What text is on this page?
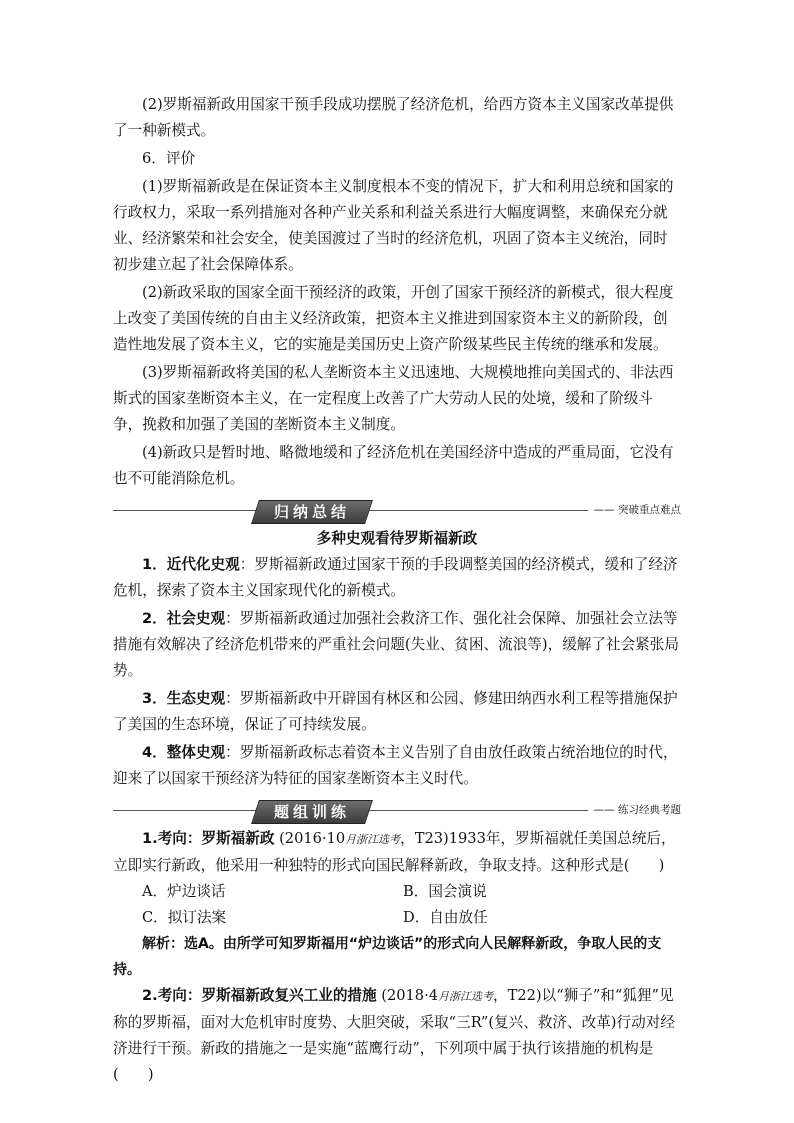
(2)罗斯福新政用国家干预手段成功摆脱了经济危机，给西方资本主义国家改革提供了一种新模式。

6．评价

(1)罗斯福新政是在保证资本主义制度根本不变的情况下，扩大和利用总统和国家的行政权力，采取一系列措施对各种产业关系和利益关系进行大幅度调整，来确保充分就业、经济繁荣和社会安全，使美国渡过了当时的经济危机，巩固了资本主义统治，同时初步建立起了社会保障体系。

(2)新政采取的国家全面干预经济的政策，开创了国家干预经济的新模式，很大程度上改变了美国传统的自由主义经济政策，把资本主义推进到国家资本主义的新阶段，创造性地发展了资本主义，它的实施是美国历史上资产阶级某些民主传统的继承和发展。

(3)罗斯福新政将美国的私人垄断资本主义迅速地、大规模地推向美国式的、非法西斯式的国家垄断资本主义，在一定程度上改善了广大劳动人民的处境，缓和了阶级斗争，挽救和加强了美国的垄断资本主义制度。

(4)新政只是暂时地、略微地缓和了经济危机在美国经济中造成的严重局面，它没有也不可能消除危机。

归纳总结	—— 突破重点难点

多种史观看待罗斯福新政

1．近代化史观：罗斯福新政通过国家干预的手段调整美国的经济模式，缓和了经济危机，探索了资本主义国家现代化的新模式。

2．社会史观：罗斯福新政通过加强社会救济工作、强化社会保障、加强社会立法等措施有效解决了经济危机带来的严重社会问题(失业、贫困、流浪等)，缓解了社会紧张局势。

3．生态史观：罗斯福新政中开辟国有林区和公园、修建田纳西水利工程等措施保护了美国的生态环境，保证了可持续发展。

4．整体史观：罗斯福新政标志着资本主义告别了自由放任政策占统治地位的时代，迎来了以国家干预经济为特征的国家垄断资本主义时代。

题组训练	—— 练习经典考题

1.考向：罗斯福新政 (2016·10月浙江选考，T23)1933年，罗斯福就任美国总统后，立即实行新政，他采用一种独特的形式向国民解释新政，争取支持。这种形式是(　　)

A．炉边谈话	B．国会演说
C．拟订法案	D．自由放任

解析：选A。由所学可知罗斯福用“炉边谈话”的形式向人民解释新政，争取人民的支持。

2.考向：罗斯福新政复兴工业的措施 (2018·4月浙江选考，T22)以“狮子”和“狐狸”见称的罗斯福，面对大危机审时度势、大胆突破，采取“三R”(复兴、救济、改革)行动对经济进行干预。新政的措施之一是实施“蓝鹰行动”，下列项中属于执行该措施的机构是(　　)
